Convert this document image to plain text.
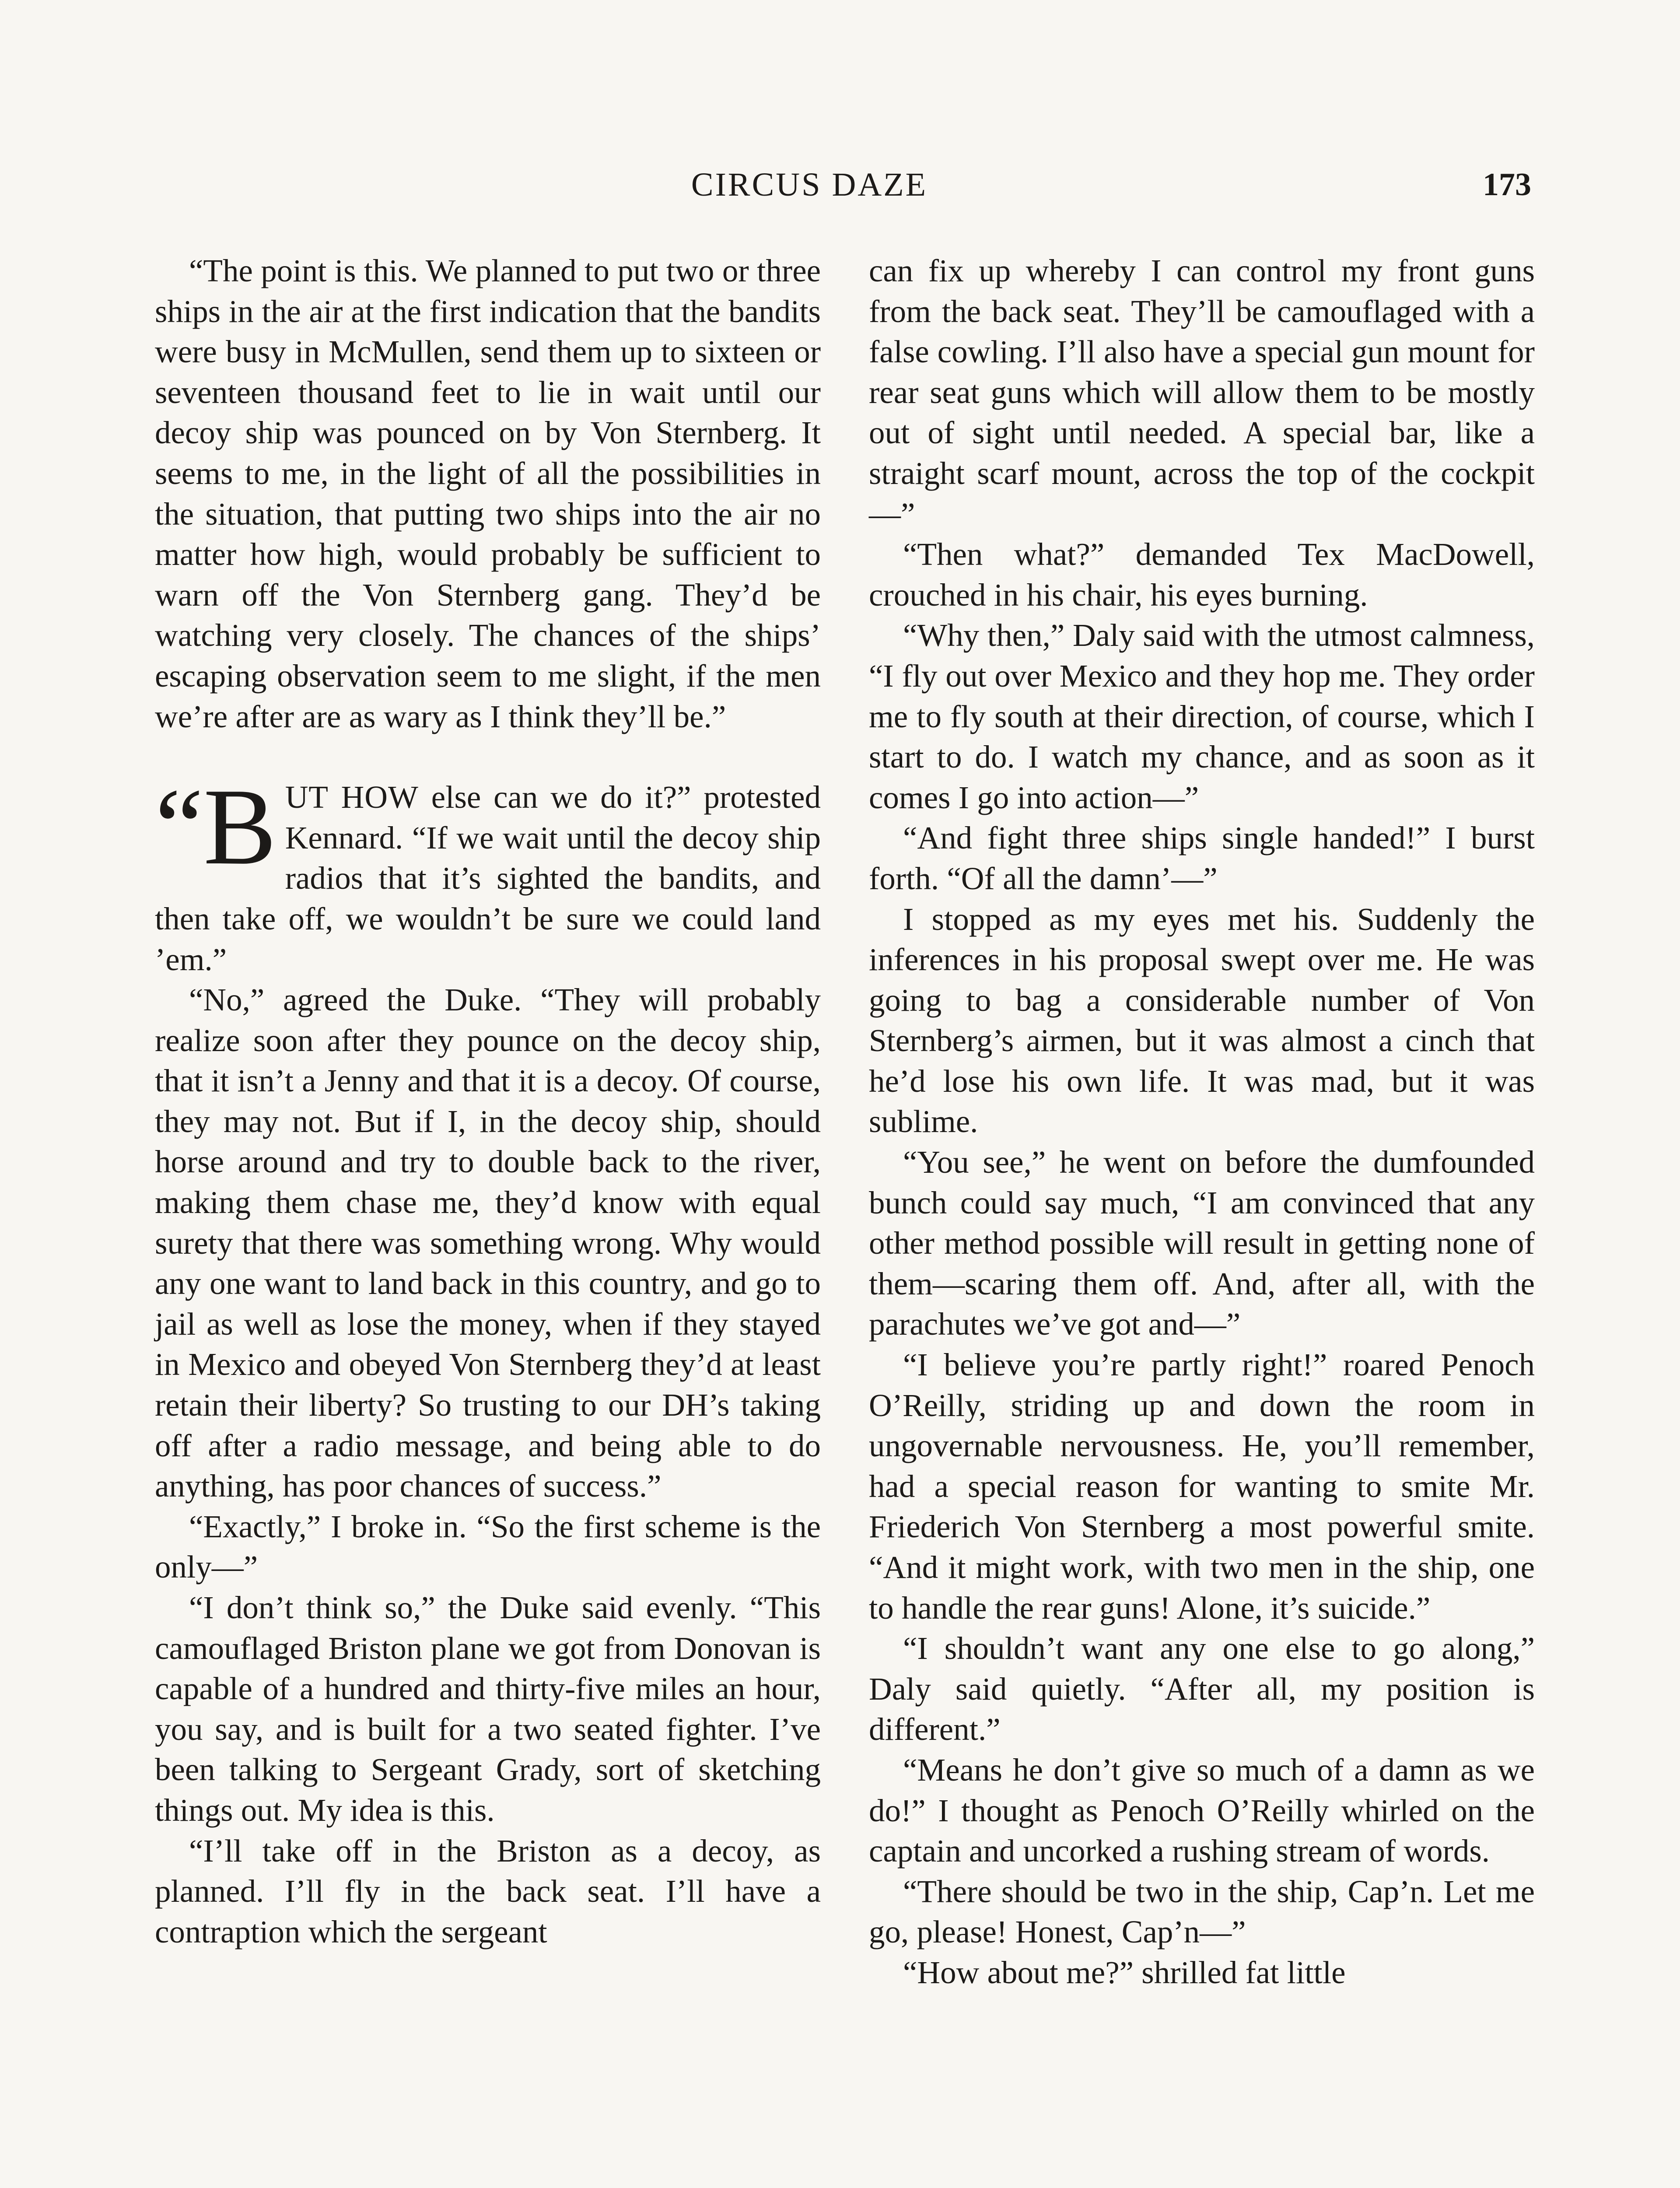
CIRCUS DAZE	173

“The point is this. We planned to put two or three ships in the air at the first indication that the bandits were busy in McMullen, send them up to sixteen or seventeen thousand feet to lie in wait until our decoy ship was pounced on by Von Sternberg. It seems to me, in the light of all the possibilities in the situation, that putting two ships into the air no matter how high, would probably be sufficient to warn off the Von Sternberg gang. They’d be watching very closely. The chances of the ships’ escaping observation seem to me slight, if the men we’re after are as wary as I think they’ll be.”

“B UT HOW else can we do it?” protested Kennard. “If we wait until the decoy ship radios that it’s sighted the bandits, and then take off, we wouldn’t be sure we could land ’em.”

“No,” agreed the Duke. “They will probably realize soon after they pounce on the decoy ship, that it isn’t a Jenny and that it is a decoy. Of course, they may not. But if I, in the decoy ship, should horse around and try to double back to the river, making them chase me, they’d know with equal surety that there was something wrong. Why would any one want to land back in this country, and go to jail as well as lose the money, when if they stayed in Mexico and obeyed Von Sternberg they’d at least retain their liberty? So trusting to our DH’s taking off after a radio message, and being able to do anything, has poor chances of success.”

“Exactly,” I broke in. “So the first scheme is the only—”

“I don’t think so,” the Duke said evenly. “This camouflaged Briston plane we got from Donovan is capable of a hundred and thirty-five miles an hour, you say, and is built for a two seated fighter. I’ve been talking to Sergeant Grady, sort of sketching things out. My idea is this.

“I’ll take off in the Briston as a decoy, as planned. I’ll fly in the back seat. I’ll have a contraption which the sergeant

can fix up whereby I can control my front guns from the back seat. They’ll be camouflaged with a false cowling. I’ll also have a special gun mount for rear seat guns which will allow them to be mostly out of sight until needed. A special bar, like a straight scarf mount, across the top of the cockpit—”

“Then what?” demanded Tex MacDowell, crouched in his chair, his eyes burning.

“Why then,” Daly said with the utmost calmness, “I fly out over Mexico and they hop me. They order me to fly south at their direction, of course, which I start to do. I watch my chance, and as soon as it comes I go into action—”

“And fight three ships single handed!” I burst forth. “Of all the damn’—”

I stopped as my eyes met his. Suddenly the inferences in his proposal swept over me. He was going to bag a considerable number of Von Sternberg’s airmen, but it was almost a cinch that he’d lose his own life. It was mad, but it was sublime.

“You see,” he went on before the dumfounded bunch could say much, “I am convinced that any other method possible will result in getting none of them—scaring them off. And, after all, with the parachutes we’ve got and—”

“I believe you’re partly right!” roared Penoch O’Reilly, striding up and down the room in ungovernable nervousness. He, you’ll remember, had a special reason for wanting to smite Mr. Friederich Von Sternberg a most powerful smite. “And it might work, with two men in the ship, one to handle the rear guns! Alone, it’s suicide.”

“I shouldn’t want any one else to go along,” Daly said quietly. “After all, my position is different.”

“Means he don’t give so much of a damn as we do!” I thought as Penoch O’Reilly whirled on the captain and uncorked a rushing stream of words.

“There should be two in the ship, Cap’n. Let me go, please! Honest, Cap’n—”

“How about me?” shrilled fat little
